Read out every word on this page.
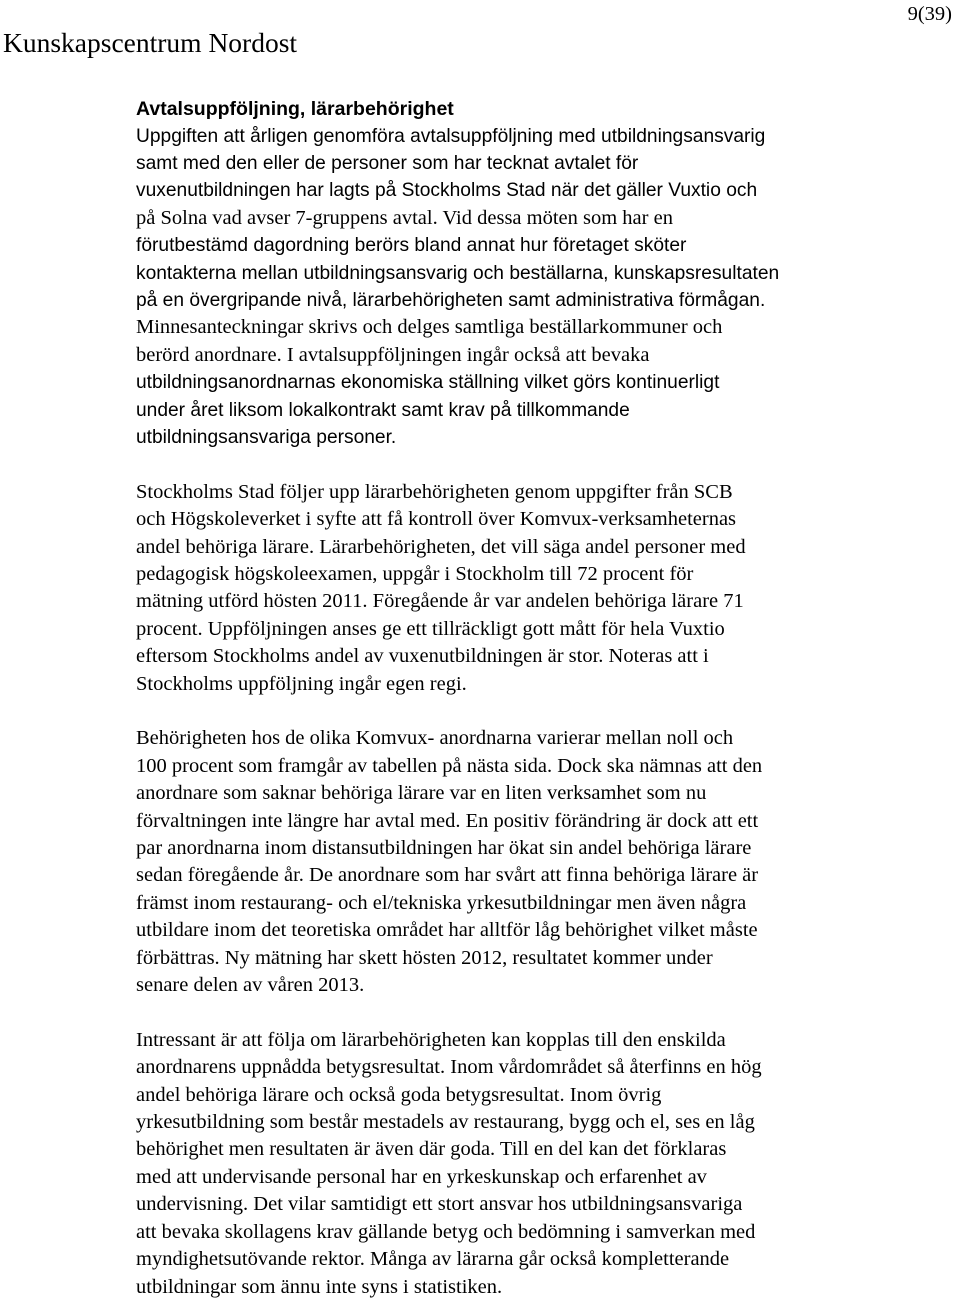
Kunskapscentrum Nordost
9(39)
Avtalsuppföljning, lärarbehörighet

Uppgiften att årligen genomföra avtalsuppföljning med utbildningsansvarig
samt med den eller de personer som har tecknat avtalet för
vuxenutbildningen har lagts på Stockholms Stad när det gäller Vuxtio och
på Solna vad avser 7-gruppens avtal. Vid dessa möten som har en
förutbestämd dagordning berörs bland annat hur företaget sköter
kontakterna mellan utbildningsansvarig och beställarna, kunskapsresultaten
på en övergripande nivå, lärarbehörigheten samt administrativa förmågan.
Minnesanteckningar skrivs och delges samtliga beställarkommuner och
berörd anordnare. I avtalsuppföljningen ingår också att bevaka
utbildningsanordnarnas ekonomiska ställning vilket görs kontinuerligt
under året liksom lokalkontrakt samt krav på tillkommande
utbildningsansvariga personer.

Stockholms Stad följer upp lärarbehörigheten genom uppgifter från SCB
och Högskoleverket i syfte att få kontroll över Komvux-verksamheternas
andel behöriga lärare. Lärarbehörigheten, det vill säga andel personer med
pedagogisk högskoleexamen, uppgår i Stockholm till 72 procent för
mätning utförd hösten 2011. Föregående år var andelen behöriga lärare 71
procent. Uppföljningen anses ge ett tillräckligt gott mått för hela Vuxtio
eftersom Stockholms andel av vuxenutbildningen är stor. Noteras att i
Stockholms uppföljning ingår egen regi.

Behörigheten hos de olika Komvux- anordnarna varierar mellan noll och
100 procent som framgår av tabellen på nästa sida. Dock ska nämnas att den
anordnare som saknar behöriga lärare var en liten verksamhet som nu
förvaltningen inte längre har avtal med. En positiv förändring är dock att ett
par anordnarna inom distansutbildningen har ökat sin andel behöriga lärare
sedan föregående år. De anordnare som har svårt att finna behöriga lärare är
främst inom restaurang- och el/tekniska yrkesutbildningar men även några
utbildare inom det teoretiska området har alltför låg behörighet vilket måste
förbättras. Ny mätning har skett hösten 2012, resultatet kommer under
senare delen av våren 2013.

Intressant är att följa om lärarbehörigheten kan kopplas till den enskilda
anordnarens uppnådda betygsresultat. Inom vårdområdet så återfinns en hög
andel behöriga lärare och också goda betygsresultat. Inom övrig
yrkesutbildning som består mestadels av restaurang, bygg och el, ses en låg
behörighet men resultaten är även där goda. Till en del kan det förklaras
med att undervisande personal har en yrkeskunskap och erfarenhet av
undervisning. Det vilar samtidigt ett stort ansvar hos utbildningsansvariga
att bevaka skollagens krav gällande betyg och bedömning i samverkan med
myndighetsutövande rektor. Många av lärarna går också kompletterande
utbildningar som ännu inte syns i statistiken.
